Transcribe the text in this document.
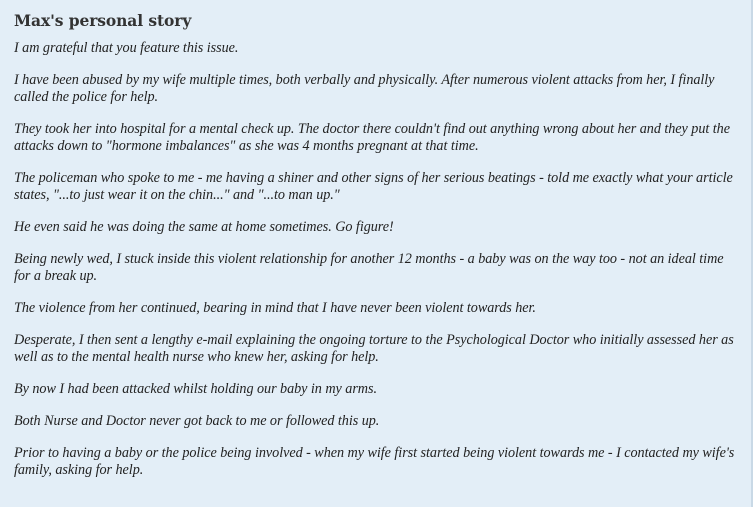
Max's personal story

I am grateful that you feature this issue.

I have been abused by my wife multiple times, both verbally and physically. After numerous violent attacks from her, I finally called the police for help.

They took her into hospital for a mental check up. The doctor there couldn't find out anything wrong about her and they put the attacks down to "hormone imbalances" as she was 4 months pregnant at that time.

The policeman who spoke to me - me having a shiner and other signs of her serious beatings - told me exactly what your article states, "...to just wear it on the chin..." and "...to man up."

He even said he was doing the same at home sometimes. Go figure!

Being newly wed, I stuck inside this violent relationship for another 12 months - a baby was on the way too - not an ideal time for a break up.

The violence from her continued, bearing in mind that I have never been violent towards her.

Desperate, I then sent a lengthy e-mail explaining the ongoing torture to the Psychological Doctor who initially assessed her as well as to the mental health nurse who knew her, asking for help.

By now I had been attacked whilst holding our baby in my arms.

Both Nurse and Doctor never got back to me or followed this up.

Prior to having a baby or the police being involved - when my wife first started being violent towards me - I contacted my wife's family, asking for help.
